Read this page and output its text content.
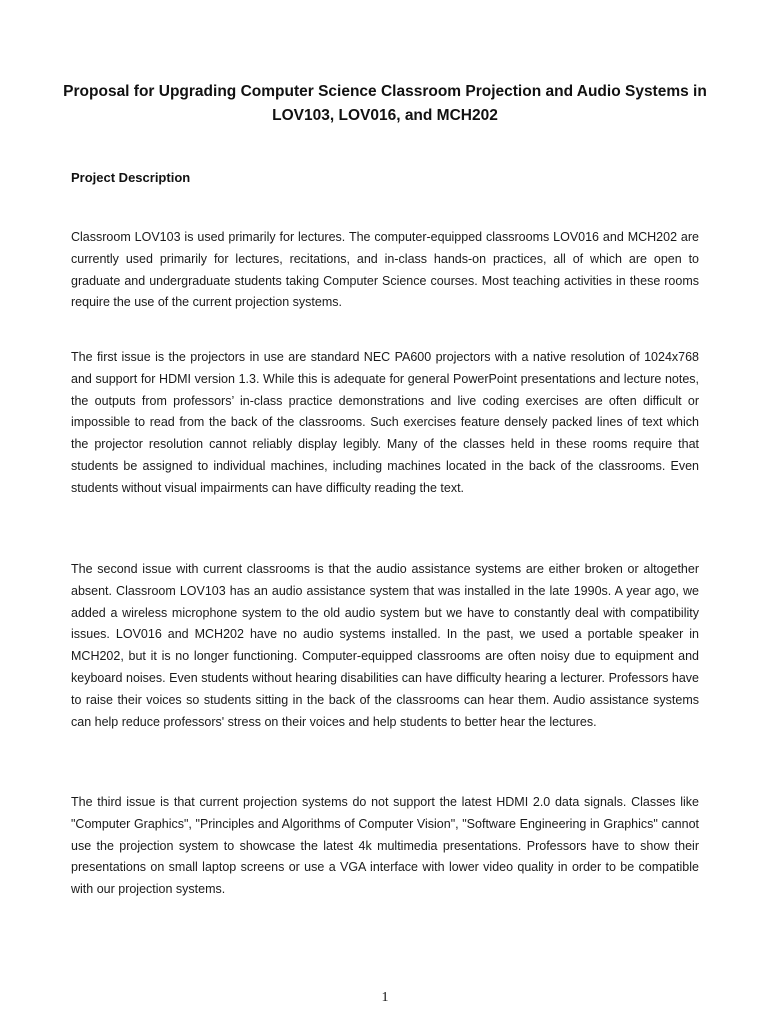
Proposal for Upgrading Computer Science Classroom Projection and Audio Systems in LOV103, LOV016, and MCH202
Project Description

Classroom LOV103 is used primarily for lectures. The computer-equipped classrooms LOV016 and MCH202 are currently used primarily for lectures, recitations, and in-class hands-on practices, all of which are open to graduate and undergraduate students taking Computer Science courses. Most teaching activities in these rooms require the use of the current projection systems.

The first issue is the projectors in use are standard NEC PA600 projectors with a native resolution of 1024x768 and support for HDMI version 1.3. While this is adequate for general PowerPoint presentations and lecture notes, the outputs from professors’ in-class practice demonstrations and live coding exercises are often difficult or impossible to read from the back of the classrooms. Such exercises feature densely packed lines of text which the projector resolution cannot reliably display legibly. Many of the classes held in these rooms require that students be assigned to individual machines, including machines located in the back of the classrooms. Even students without visual impairments can have difficulty reading the text.

The second issue with current classrooms is that the audio assistance systems are either broken or altogether absent. Classroom LOV103 has an audio assistance system that was installed in the late 1990s. A year ago, we added a wireless microphone system to the old audio system but we have to constantly deal with compatibility issues. LOV016 and MCH202 have no audio systems installed. In the past, we used a portable speaker in MCH202, but it is no longer functioning. Computer-equipped classrooms are often noisy due to equipment and keyboard noises. Even students without hearing disabilities can have difficulty hearing a lecturer. Professors have to raise their voices so students sitting in the back of the classrooms can hear them. Audio assistance systems can help reduce professors' stress on their voices and help students to better hear the lectures.

The third issue is that current projection systems do not support the latest HDMI 2.0 data signals. Classes like "Computer Graphics", "Principles and Algorithms of Computer Vision", "Software Engineering in Graphics" cannot use the projection system to showcase the latest 4k multimedia presentations. Professors have to show their presentations on small laptop screens or use a VGA interface with lower video quality in order to be compatible with our projection systems.

1
